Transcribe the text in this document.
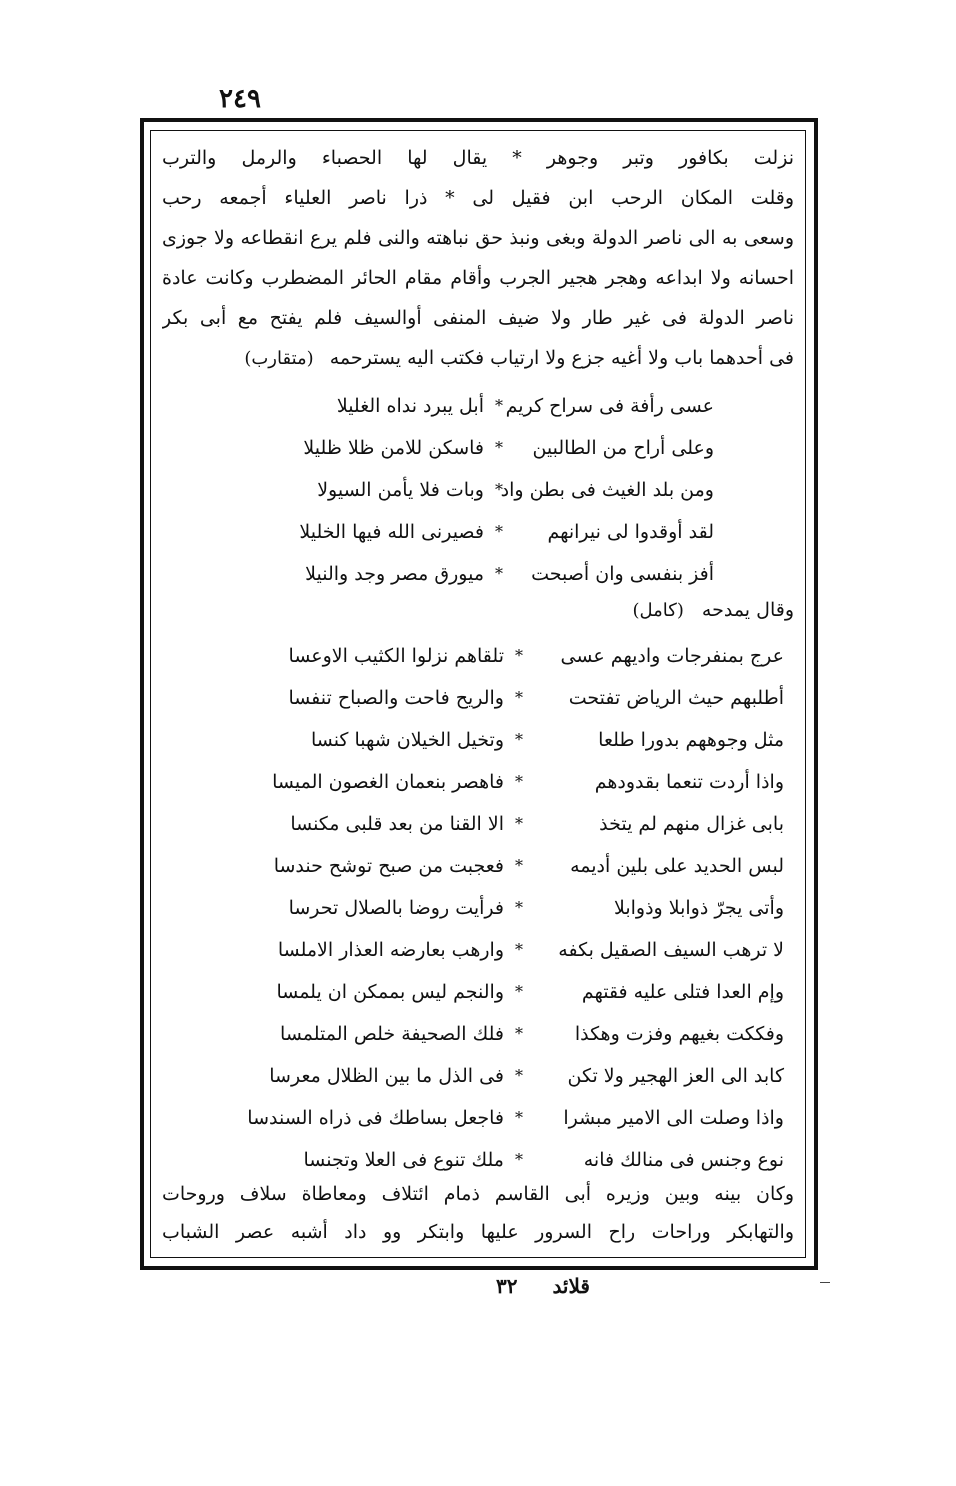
٢٤٩
نزلت بكافور وتبر وجوهر * يقال لها الحصباء والرمل والترب
وقلت المكان الرحب ابن فقيل لى * ذرا ناصر العلياء أجمعه رحب
وسعى به الى ناصر الدولة وبغى ونبذ حق نباهته والنى فلم يرع انقطاعه ولا جوزى
احسانه ولا ابداعه وهجر هجير الجرب وأقام مقام الحائر المضطرب وكانت عادة
ناصر الدولة فى غير طار ولا ضيف المنفى أوالسيف فلم يفتح مع أبى بكر
فى أحدهما باب ولا أغيه جزع ولا ارتياب فكتب اليه يسترحمه (متقارب)
عسى رأفة فى سراح كريم
*
أبل يبرد نداه الغليلا
وعلى أراح من الطالبين
*
فاسكن للامن ظلا ظليلا
ومن بلد الغيث فى بطن واد
*
وبات فلا يأمن السيولا
لقد أوقدوا لى نيرانهم
*
فصيرنى الله فيها الخليلا
أفز بنفسى وان أصبحت
*
ميورق مصر وجد والنيلا
وقال يمدحه (كامل)
عرج بمنفرجات واديهم عسى
*
تلقاهم نزلوا الكثيب الاوعسا
أطلبهم حيث الرياض تفتحت
*
والريح فاحت والصباح تنفسا
مثل وجوههم بدورا طلعا
*
وتخيل الخيلان شهبا كنسا
واذا أردت تنعما بقدودهم
*
فاهصر بنعمان الغصون الميسا
بابى غزال منهم لم يتخذ
*
الا القنا من بعد قلبى مكنسا
لبس الحديد على بلين أديمه
*
فعجبت من صبح توشح حندسا
وأتى يجرّ ذوابلا وذوابلا
*
فرأيت روضا بالصلال تحرسا
لا ترهب السيف الصقيل بكفه
*
وارهب بعارضه العذار الاملسا
وإم العدا فتلى عليه فقتهم
*
والنجم ليس بممكن ان يلمسا
وفككت بغيهم وفزت وهكذا
*
فلك الصحيفة خلص المتلمسا
كابد الى العز الهجير ولا تكن
*
فى الذل ما بين الظلال معرسا
واذا وصلت الى الامير مبشرا
*
فاجعل بساطك فى ذراه السندسا
نوع وجنس فى منالك فانه
*
ملك تنوع فى العلا وتجنسا
وكان بينه وبين وزيره أبى القاسم ذمام ائتلاف ومعاطاة سلاف وروحات
والتهابكر وراحات راح السرور عليها وابتكر وو داد أشبه عصر الشباب
قلائد ٣٢
